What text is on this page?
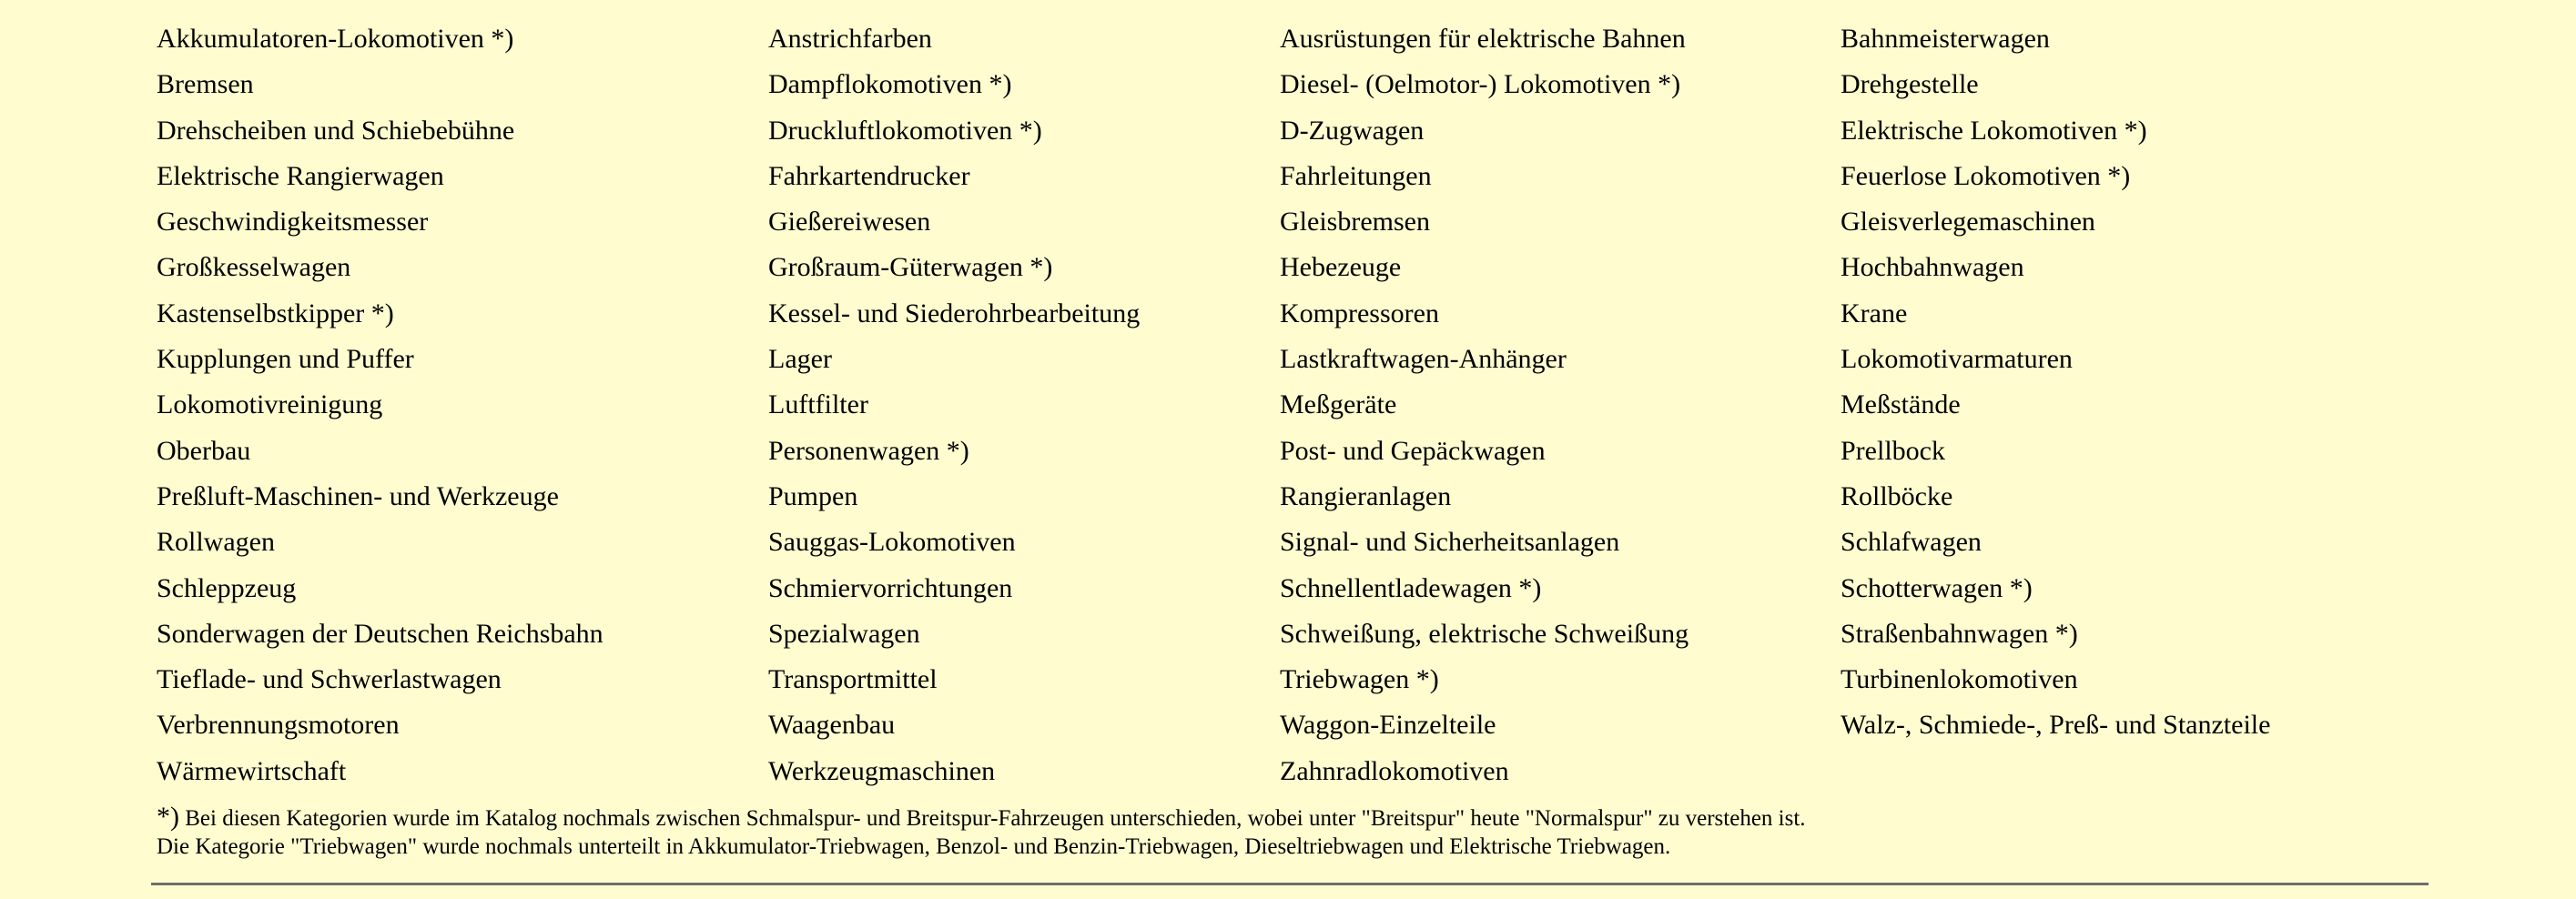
Akkumulatoren-Lokomotiven *)	Anstrichfarben	Ausrüstungen für elektrische Bahnen	Bahnmeisterwagen
Bremsen	Dampflokomotiven *)	Diesel- (Oelmotor-) Lokomotiven *)	Drehgestelle
Drehscheiben und Schiebebühne	Druckluftlokomotiven *)	D-Zugwagen	Elektrische Lokomotiven *)
Elektrische Rangierwagen	Fahrkartendrucker	Fahrleitungen	Feuerlose Lokomotiven *)
Geschwindigkeitsmesser	Gießereiwesen	Gleisbremsen	Gleisverlegemaschinen
Großkesselwagen	Großraum-Güterwagen *)	Hebezeuge	Hochbahnwagen
Kastenselbstkipper *)	Kessel- und Siederohrbearbeitung	Kompressoren	Krane
Kupplungen und Puffer	Lager	Lastkraftwagen-Anhänger	Lokomotivarmaturen
Lokomotivreinigung	Luftfilter	Meßgeräte	Meßstände
Oberbau	Personenwagen *)	Post- und Gepäckwagen	Prellbock
Preßluft-Maschinen- und Werkzeuge	Pumpen	Rangieranlagen	Rollböcke
Rollwagen	Sauggas-Lokomotiven	Signal- und Sicherheitsanlagen	Schlafwagen
Schleppzeug	Schmiervorrichtungen	Schnellentladewagen *)	Schotterwagen *)
Sonderwagen der Deutschen Reichsbahn	Spezialwagen	Schweißung, elektrische Schweißung	Straßenbahnwagen *)
Tieflade- und Schwerlastwagen	Transportmittel	Triebwagen *)	Turbinenlokomotiven
Verbrennungsmotoren	Waagenbau	Waggon-Einzelteile	Walz-, Schmiede-, Preß- und Stanzteile
Wärmewirtschaft	Werkzeugmaschinen	Zahnradlokomotiven	
*) Bei diesen Kategorien wurde im Katalog nochmals zwischen Schmalspur- und Breitspur-Fahrzeugen unterschieden, wobei unter "Breitspur" heute "Normalspur" zu verstehen ist.
Die Kategorie "Triebwagen" wurde nochmals unterteilt in Akkumulator-Triebwagen, Benzol- und Benzin-Triebwagen, Dieseltriebwagen und Elektrische Triebwagen.
